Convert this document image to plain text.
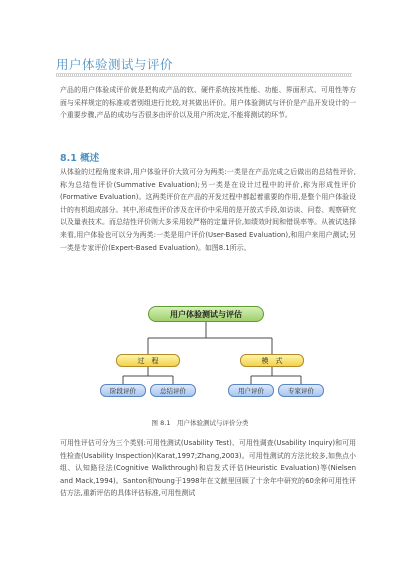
用户体验测试与评价

产品的用户体验成评价就是把构成产品的软、硬件系统按其性能、功能、界面形式、可用性等方面与采样规定的标准或者别组进行比较,对其做出评价。用户体验测试与评价是产品开发设计的一个重要步骤,产品的成功与否很多由评价以及用户所决定,不能将测试的环节。

8.1 概述

从体验的过程角度来讲,用户体验评价大致可分为两类:一类是在产品完成之后做出的总结性评价,称为总结性评价(Summative Evaluation);另一类是在设计过程中的评价,称为形成性评价(Formative Evaluation)。这两类评价在产品的开发过程中都起着重要的作用,是整个用户体验设计的有机组成部分。其中,形成性评价涉及在评价中采用的是开放式手段,如访谈、问卷、观察研究以及量表技术。而总结性评价则大多采用较严格的定量评价,如绩效时间和错误率等。从被试选择来看,用户体验也可以分为两类:一类是用户评价(User-Based Evaluation),和用户来用户测试;另一类是专家评价(Expert-Based Evaluation)。如图8.1所示。

用户体验测试与评估
过　程	模　式
阶段评价	总结评价	用户评价	专家评价
图 8.1　用户体验测试与评价分类

可用性评估可分为三个类别:可用性测试(Usability Test)、可用性调查(Usability Inquiry)和可用性检查(Usability Inspection)(Karat,1997;Zhang,2003)。可用性测试的方法比较多,如焦点小组、认知路径法(Cognitive Walkthrough)和启发式评估(Heuristic Evaluation)等(Nielsen and Mack,1994)。Santon和Young于1998年在文献里回顾了十余年中研究的60余种可用性评估方法,重新评估的具体评估标准,可用性测试
